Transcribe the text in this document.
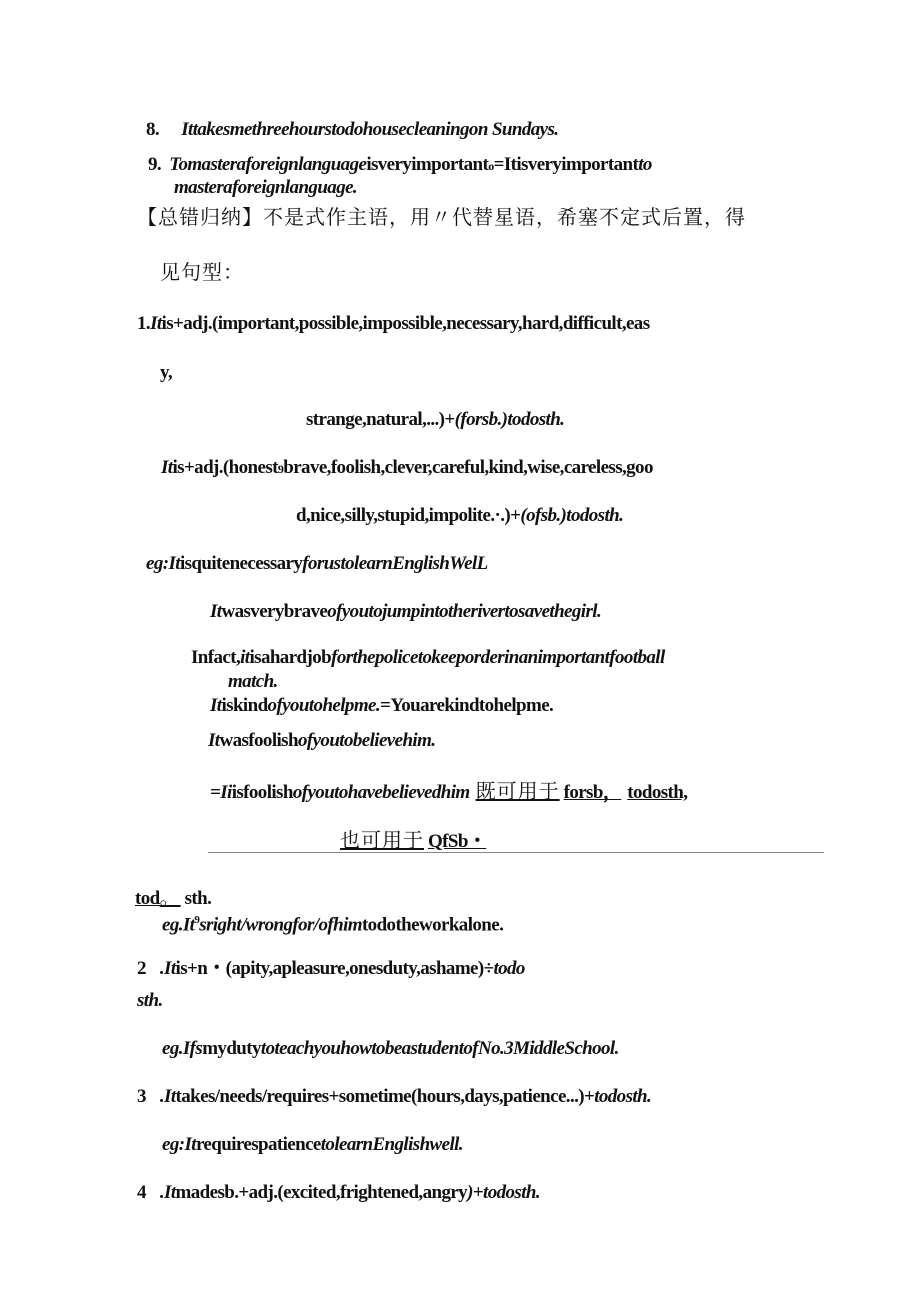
8. Ittakesmethreehourstodohousecleaningon Sundays.
9. Tomasteraforeignlanguageisveryimportanto=Itisveryimportantto
masteraforeignlanguage.
【总错归纳】不是式作主语，用〃代替星语，希塞不定式后置，得
见句型：
1.Itis+adj.(important,possible,impossible,necessary,hard,difficult,eas
y,
strange,natural,...)+(forsb.)todosth.
Itis+adj.(honest9brave,foolish,clever,careful,kind,wise,careless,goo
d,nice,silly,stupid,impolite.·.)+(ofsb.)todosth.
eg:ItisquitenecessaryforustolearnEnglishWelL
Itwasverybraveofyoutojumpintotherivertosavethegirl.
Infact,itisahardjobforthepolicetokeeporderinanimportantfootball
match.
Itiskindofyoutohelpme.=Youarekindtohelpme.
Itwasfoolishofyoutobelievehim.
=Iiisfoolishofyoutohavebelievedhim 既可用于 forsb， todosth,
也可用于 QfSb・
tod。 sth.
eg.It$^9$sright/wrongfor/ofhimtodotheworkalone.
2 .Itis+n・(apity,apleasure,onesduty,ashame)÷todo
sth.
eg.IfsmydutytoteachyouhowtobeastudentofNo.3MiddleSchool.
3 .Ittakes/needs/requires+sometime(hours,days,patience...)+todosth.
eg:ItrequirespatiencetolearnEnglishwell.
4 .Itmadesb.+adj.(excited,frightened,angry)+todosth.
